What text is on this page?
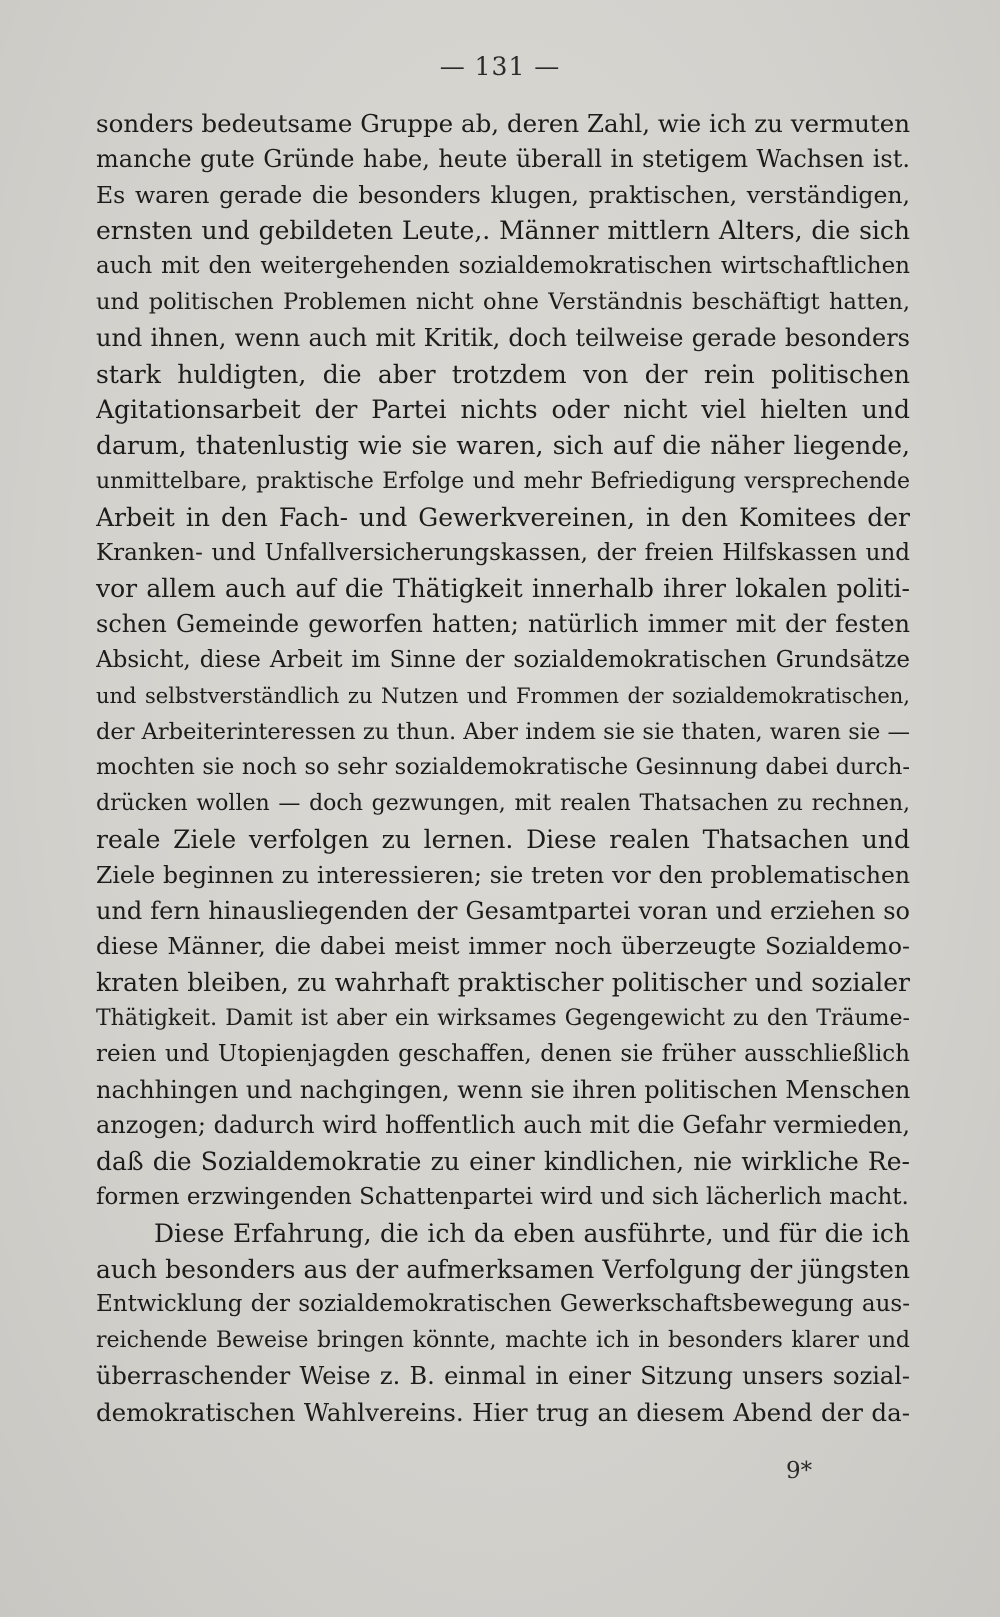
— 131 —
sonders bedeutsame Gruppe ab, deren Zahl, wie ich zu vermuten
manche gute Gründe habe, heute überall in stetigem Wachsen ist.
Es waren gerade die besonders klugen, praktischen, verständigen,
ernsten und gebildeten Leute,. Männer mittlern Alters, die sich
auch mit den weitergehenden sozialdemokratischen wirtschaftlichen
und politischen Problemen nicht ohne Verständnis beschäftigt hatten,
und ihnen, wenn auch mit Kritik, doch teilweise gerade besonders
stark huldigten, die aber trotzdem von der rein politischen
Agitationsarbeit der Partei nichts oder nicht viel hielten und
darum, thatenlustig wie sie waren, sich auf die näher liegende,
unmittelbare, praktische Erfolge und mehr Befriedigung versprechende
Arbeit in den Fach- und Gewerkvereinen, in den Komitees der
Kranken- und Unfallversicherungskassen, der freien Hilfskassen und
vor allem auch auf die Thätigkeit innerhalb ihrer lokalen politi-
schen Gemeinde geworfen hatten; natürlich immer mit der festen
Absicht, diese Arbeit im Sinne der sozialdemokratischen Grundsätze
und selbstverständlich zu Nutzen und Frommen der sozialdemokratischen,
der Arbeiterinteressen zu thun. Aber indem sie sie thaten, waren sie —
mochten sie noch so sehr sozialdemokratische Gesinnung dabei durch-
drücken wollen — doch gezwungen, mit realen Thatsachen zu rechnen,
reale Ziele verfolgen zu lernen. Diese realen Thatsachen und
Ziele beginnen zu interessieren; sie treten vor den problematischen
und fern hinausliegenden der Gesamtpartei voran und erziehen so
diese Männer, die dabei meist immer noch überzeugte Sozialdemo-
kraten bleiben, zu wahrhaft praktischer politischer und sozialer
Thätigkeit. Damit ist aber ein wirksames Gegengewicht zu den Träume-
reien und Utopienjagden geschaffen, denen sie früher ausschließlich
nachhingen und nachgingen, wenn sie ihren politischen Menschen
anzogen; dadurch wird hoffentlich auch mit die Gefahr vermieden,
daß die Sozialdemokratie zu einer kindlichen, nie wirkliche Re-
formen erzwingenden Schattenpartei wird und sich lächerlich macht.
Diese Erfahrung, die ich da eben ausführte, und für die ich
auch besonders aus der aufmerksamen Verfolgung der jüngsten
Entwicklung der sozialdemokratischen Gewerkschaftsbewegung aus-
reichende Beweise bringen könnte, machte ich in besonders klarer und
überraschender Weise z. B. einmal in einer Sitzung unsers sozial-
demokratischen Wahlvereins. Hier trug an diesem Abend der da-
9*
